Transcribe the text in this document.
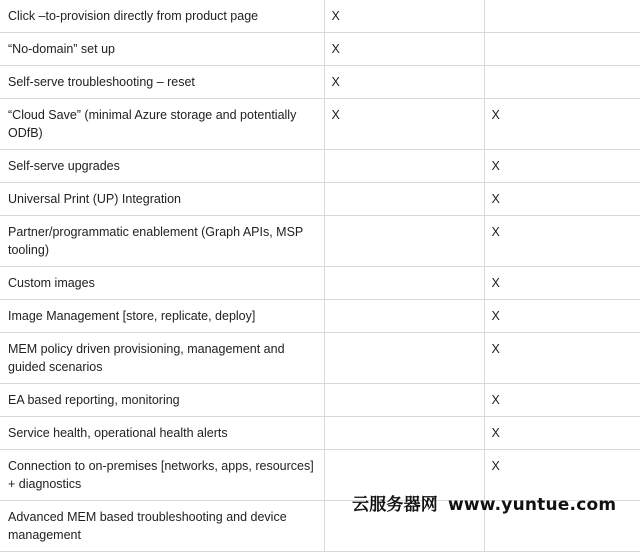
Click –to-provision directly from product page	X	
“No-domain” set up	X	
Self-serve troubleshooting – reset	X	
“Cloud Save” (minimal Azure storage and potentially ODfB)	X	X
Self-serve upgrades		X
Universal Print (UP) Integration		X
Partner/programmatic enablement (Graph APIs, MSP tooling)		X
Custom images		X
Image Management [store, replicate, deploy]		X
MEM policy driven provisioning, management and guided scenarios		X
EA based reporting, monitoring		X
Service health, operational health alerts		X
Connection to on-premises [networks, apps, resources] + diagnostics		X
Advanced MEM based troubleshooting and device management		
云服务器网 www.yuntue.com
